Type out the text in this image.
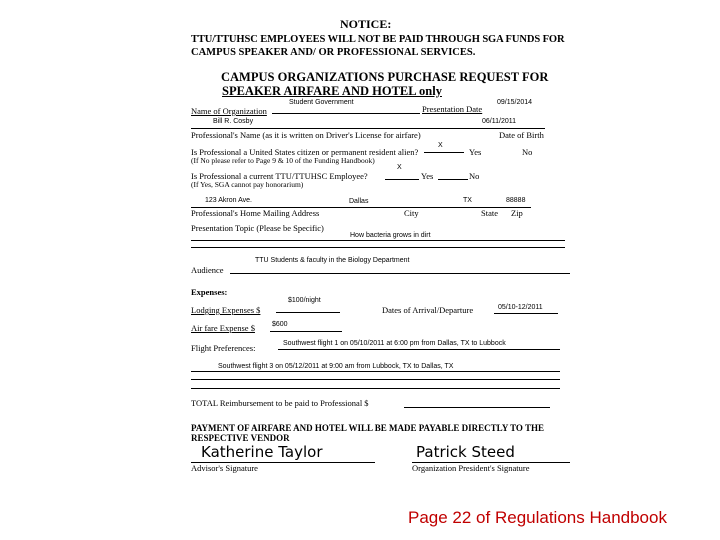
NOTICE:
TTU/TTUHSC EMPLOYEES WILL NOT BE PAID THROUGH SGA FUNDS FOR
CAMPUS SPEAKER AND/ OR PROFESSIONAL SERVICES.
CAMPUS ORGANIZATIONS PURCHASE REQUEST FOR
SPEAKER AIRFARE AND HOTEL only
Student Government	09/15/2014
Name of Organization	Presentation Date
Bill R. Cosby	06/11/2011
Professional's Name (as it is written on Driver's License for airfare)	Date of Birth
X
Is Professional a United States citizen or permanent resident alien?	Yes	No
(If No please refer to Page 9 & 10 of the Funding Handbook)
X
Is Professional a current TTU/TTUHSC Employee?	Yes	No
(If Yes, SGA cannot pay honorarium)
123 Akron Ave.	Dallas	TX	88888
Professional's Home Mailing Address	City	State Zip
Presentation Topic (Please be Specific)
How bacteria grows in dirt
TTU Students & faculty in the Biology Department
Audience
Expenses:
$100/night
Lodging Expenses $	Dates of Arrival/Departure	05/10-12/2011
Air fare Expense $ $600
Southwest flight 1 on 05/10/2011 at 6:00 pm from Dallas, TX to Lubbock
Flight Preferences:
Southwest flight 3 on 05/12/2011 at 9:00 am from Lubbock, TX to Dallas, TX
TOTAL Reimbursement to be paid to Professional $
PAYMENT OF AIRFARE AND HOTEL WILL BE MADE PAYABLE DIRECTLY TO THE
RESPECTIVE VENDOR
Katherine Taylor
Advisor's Signature
Patrick Steed
Organization President's Signature
Page 22 of Regulations Handbook
